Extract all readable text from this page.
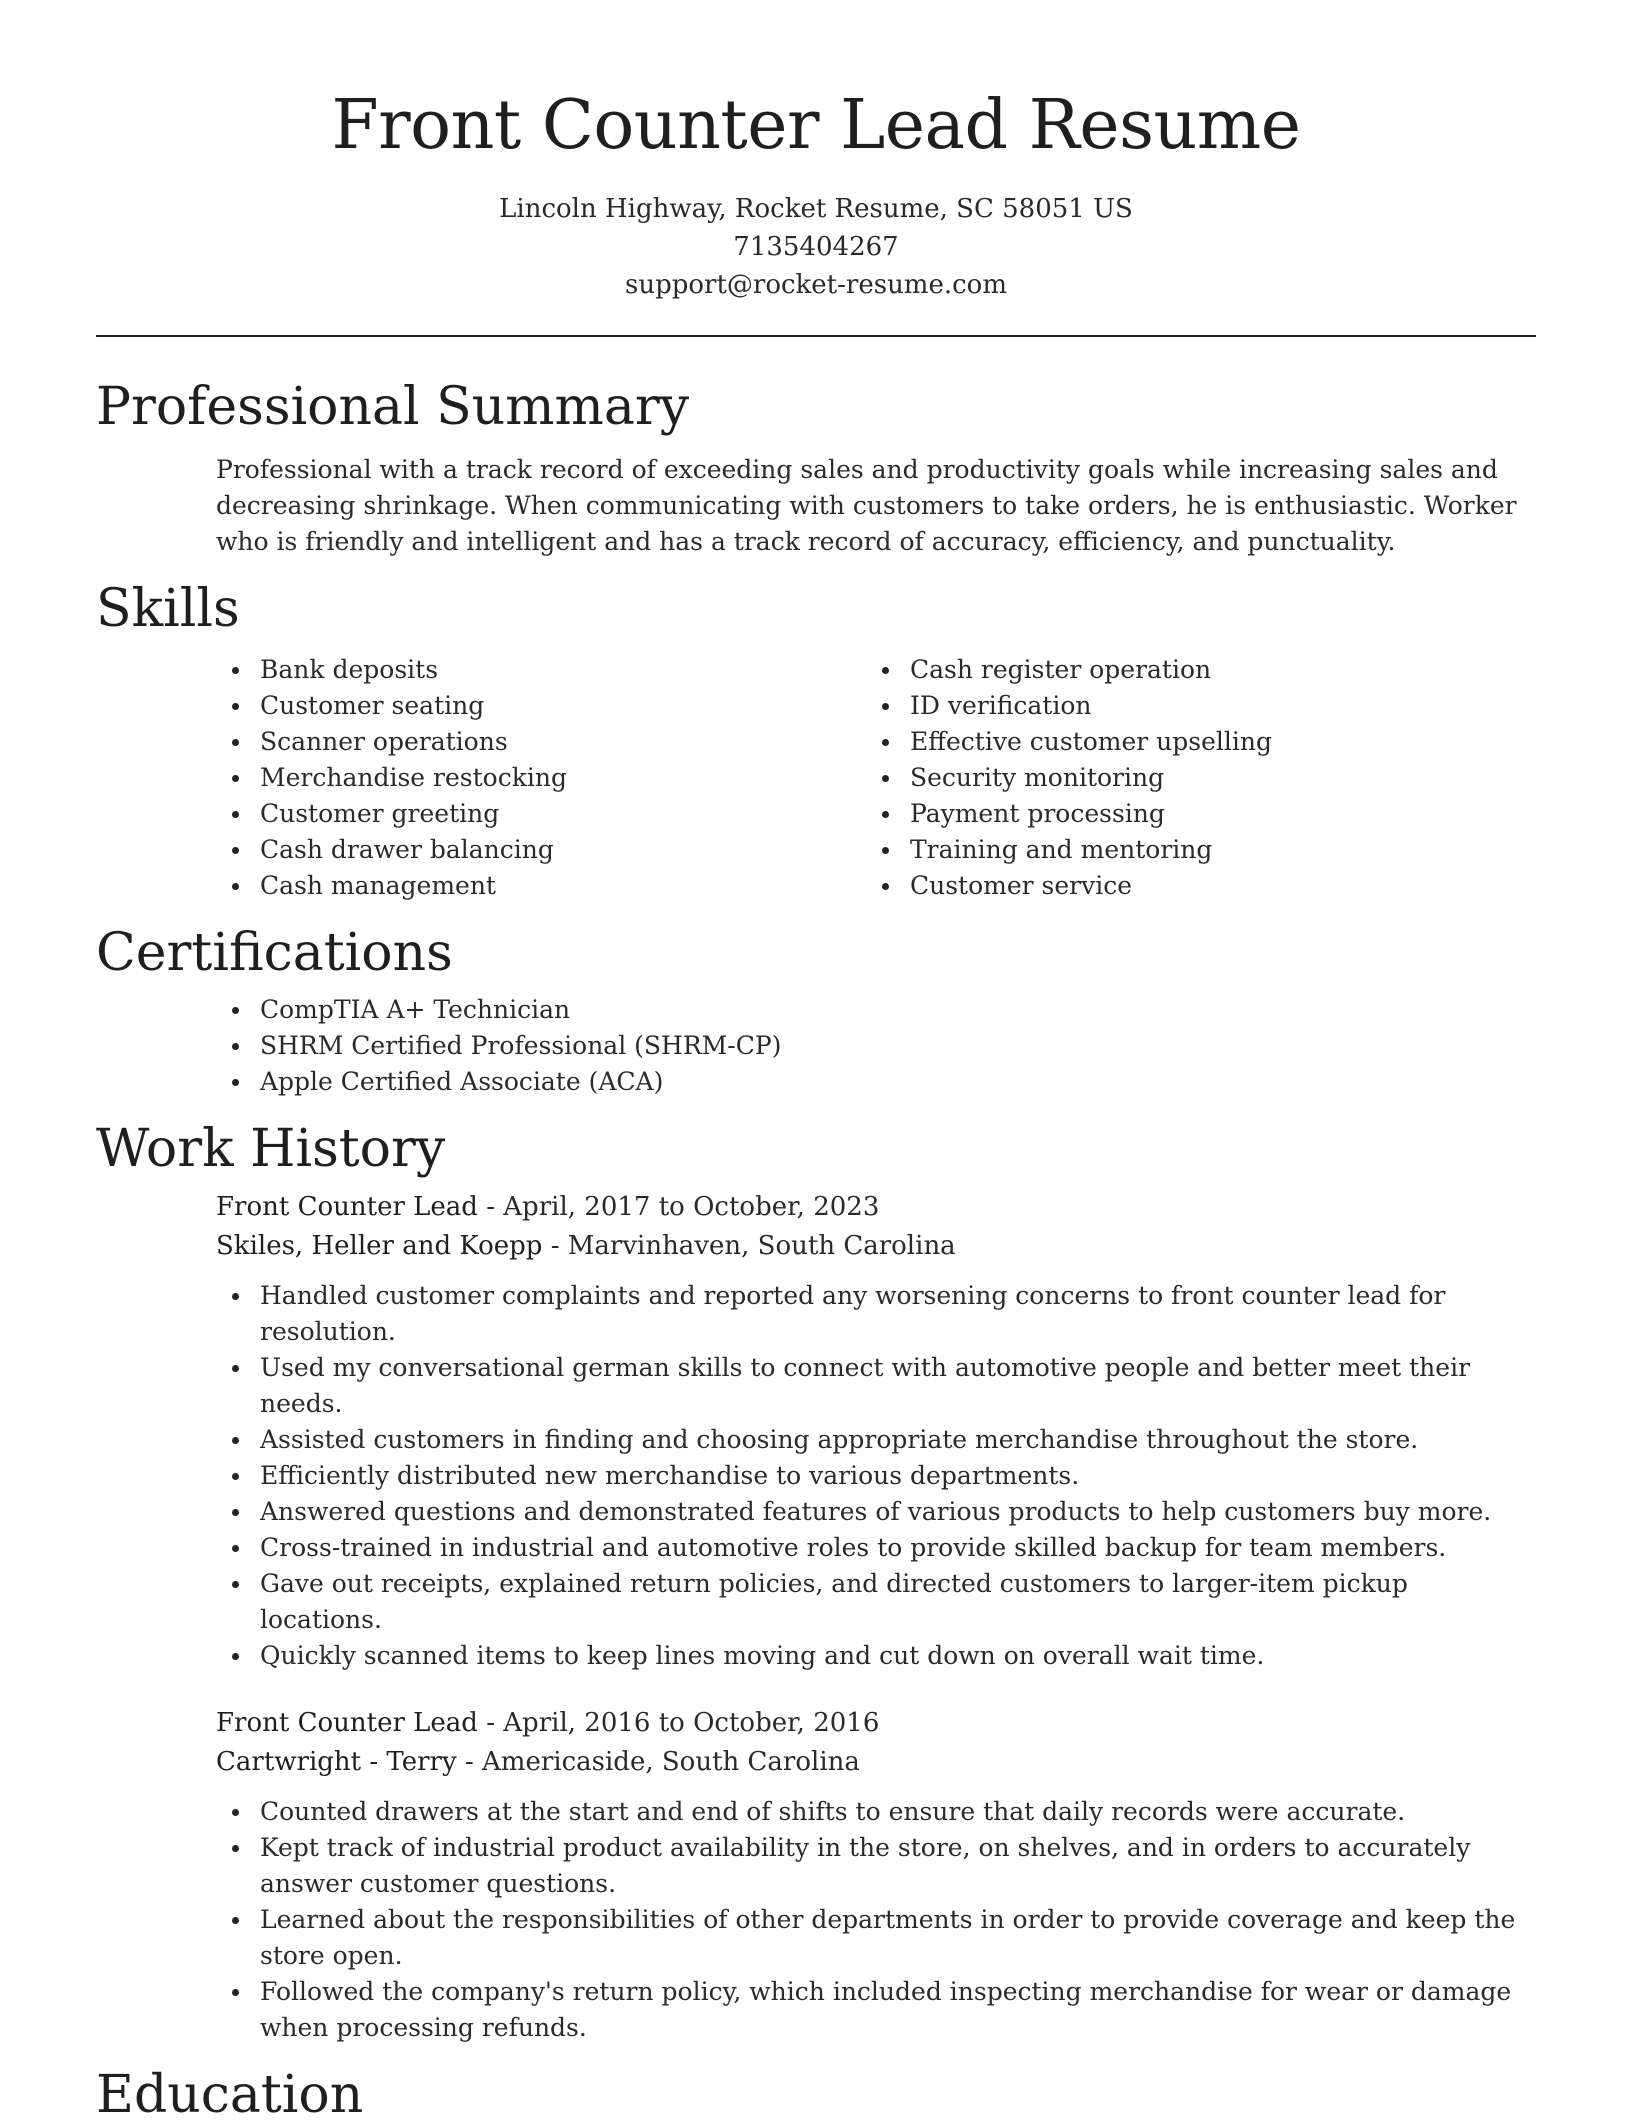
Front Counter Lead Resume
Lincoln Highway, Rocket Resume, SC 58051 US
7135404267
support@rocket-resume.com
Professional Summary
Professional with a track record of exceeding sales and productivity goals while increasing sales and decreasing shrinkage. When communicating with customers to take orders, he is enthusiastic. Worker who is friendly and intelligent and has a track record of accuracy, efficiency, and punctuality.
Skills
Bank deposits
Customer seating
Scanner operations
Merchandise restocking
Customer greeting
Cash drawer balancing
Cash management
Cash register operation
ID verification
Effective customer upselling
Security monitoring
Payment processing
Training and mentoring
Customer service
Certifications
CompTIA A+ Technician
SHRM Certified Professional (SHRM-CP)
Apple Certified Associate (ACA)
Work History
Front Counter Lead - April, 2017 to October, 2023
Skiles, Heller and Koepp - Marvinhaven, South Carolina
Handled customer complaints and reported any worsening concerns to front counter lead for resolution.
Used my conversational german skills to connect with automotive people and better meet their needs.
Assisted customers in finding and choosing appropriate merchandise throughout the store.
Efficiently distributed new merchandise to various departments.
Answered questions and demonstrated features of various products to help customers buy more.
Cross-trained in industrial and automotive roles to provide skilled backup for team members.
Gave out receipts, explained return policies, and directed customers to larger-item pickup locations.
Quickly scanned items to keep lines moving and cut down on overall wait time.
Front Counter Lead - April, 2016 to October, 2016
Cartwright - Terry - Americaside, South Carolina
Counted drawers at the start and end of shifts to ensure that daily records were accurate.
Kept track of industrial product availability in the store, on shelves, and in orders to accurately answer customer questions.
Learned about the responsibilities of other departments in order to provide coverage and keep the store open.
Followed the company's return policy, which included inspecting merchandise for wear or damage when processing refunds.
Education
